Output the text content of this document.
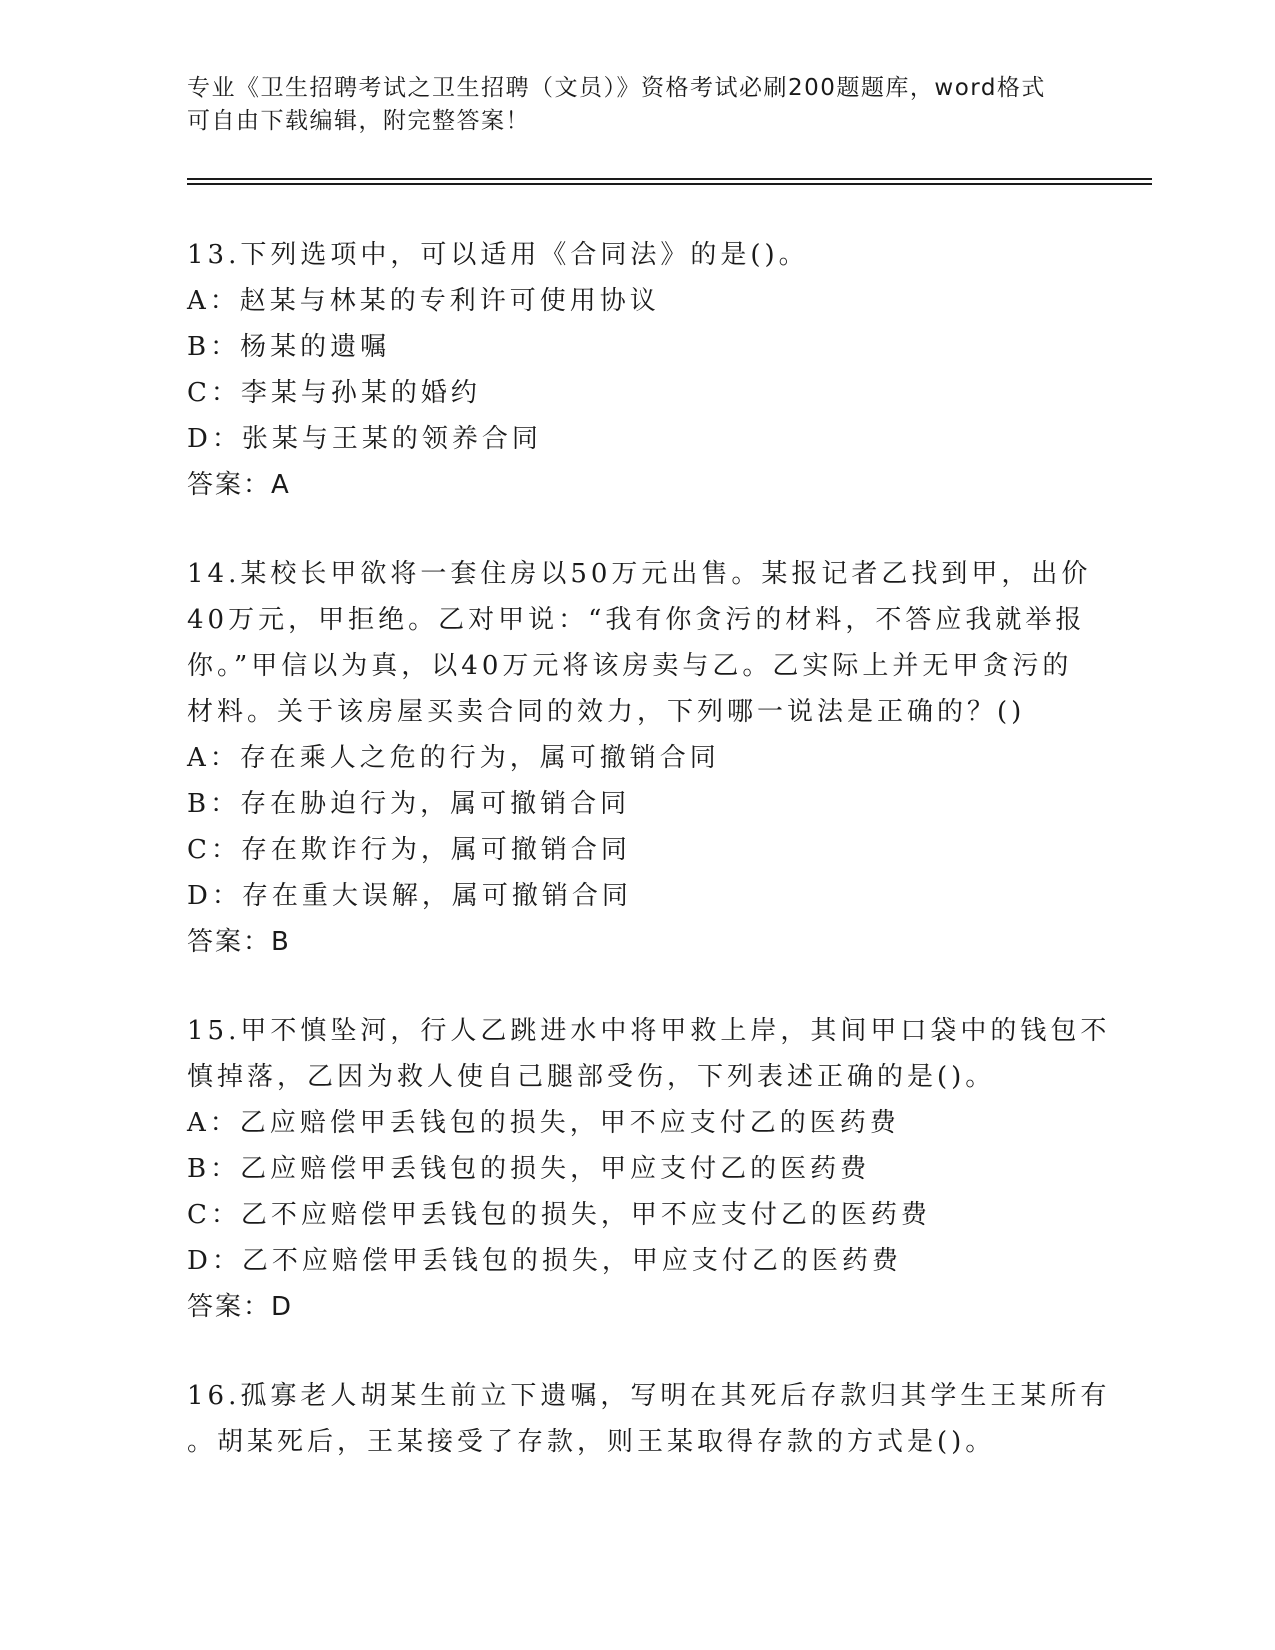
专业《卫生招聘考试之卫生招聘（文员）》资格考试必刷200题题库，word格式
可自由下载编辑，附完整答案！
13.下列选项中，可以适用《合同法》的是()。
A：赵某与林某的专利许可使用协议
B：杨某的遗嘱
C：李某与孙某的婚约
D：张某与王某的领养合同
答案：A
14.某校长甲欲将一套住房以50万元出售。某报记者乙找到甲，出价
40万元，甲拒绝。乙对甲说：“我有你贪污的材料，不答应我就举报
你。”甲信以为真，以40万元将该房卖与乙。乙实际上并无甲贪污的
材料。关于该房屋买卖合同的效力，下列哪一说法是正确的？()
A：存在乘人之危的行为，属可撤销合同
B：存在胁迫行为，属可撤销合同
C：存在欺诈行为，属可撤销合同
D：存在重大误解，属可撤销合同
答案：B
15.甲不慎坠河，行人乙跳进水中将甲救上岸，其间甲口袋中的钱包不
慎掉落，乙因为救人使自己腿部受伤，下列表述正确的是()。
A：乙应赔偿甲丢钱包的损失，甲不应支付乙的医药费
B：乙应赔偿甲丢钱包的损失，甲应支付乙的医药费
C：乙不应赔偿甲丢钱包的损失，甲不应支付乙的医药费
D：乙不应赔偿甲丢钱包的损失，甲应支付乙的医药费
答案：D
16.孤寡老人胡某生前立下遗嘱，写明在其死后存款归其学生王某所有
。胡某死后，王某接受了存款，则王某取得存款的方式是()。
